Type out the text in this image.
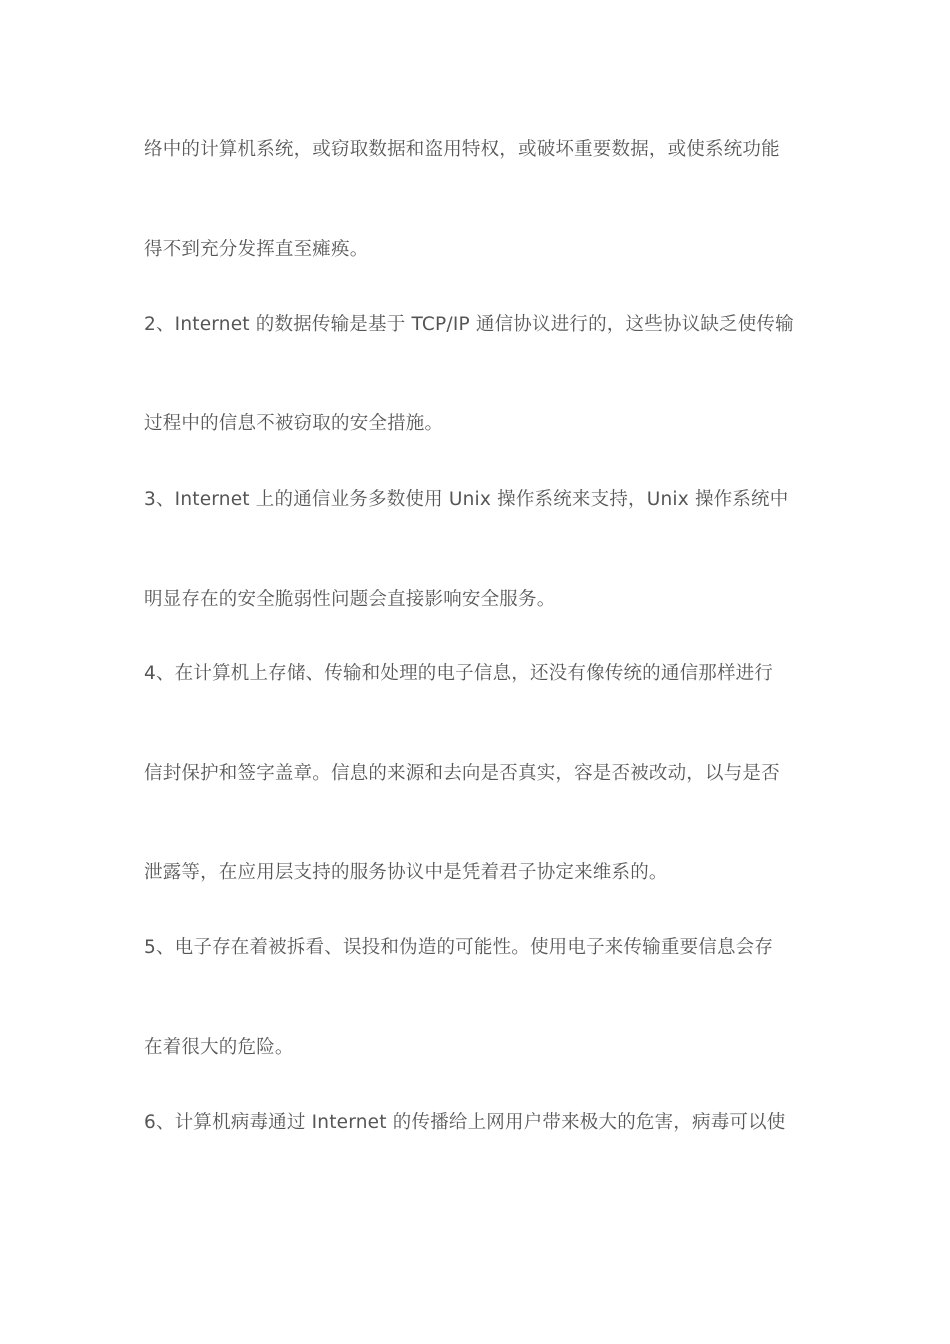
络中的计算机系统，或窃取数据和盗用特权，或破坏重要数据，或使系统功能
得不到充分发挥直至瘫痪。
2、Internet 的数据传输是基于 TCP/IP 通信协议进行的，这些协议缺乏使传输
过程中的信息不被窃取的安全措施。
3、Internet 上的通信业务多数使用 Unix 操作系统来支持，Unix 操作系统中
明显存在的安全脆弱性问题会直接影响安全服务。
4、在计算机上存储、传输和处理的电子信息，还没有像传统的通信那样进行
信封保护和签字盖章。信息的来源和去向是否真实，容是否被改动，以与是否
泄露等，在应用层支持的服务协议中是凭着君子协定来维系的。
5、电子存在着被拆看、误投和伪造的可能性。使用电子来传输重要信息会存
在着很大的危险。
6、计算机病毒通过 Internet 的传播给上网用户带来极大的危害，病毒可以使
